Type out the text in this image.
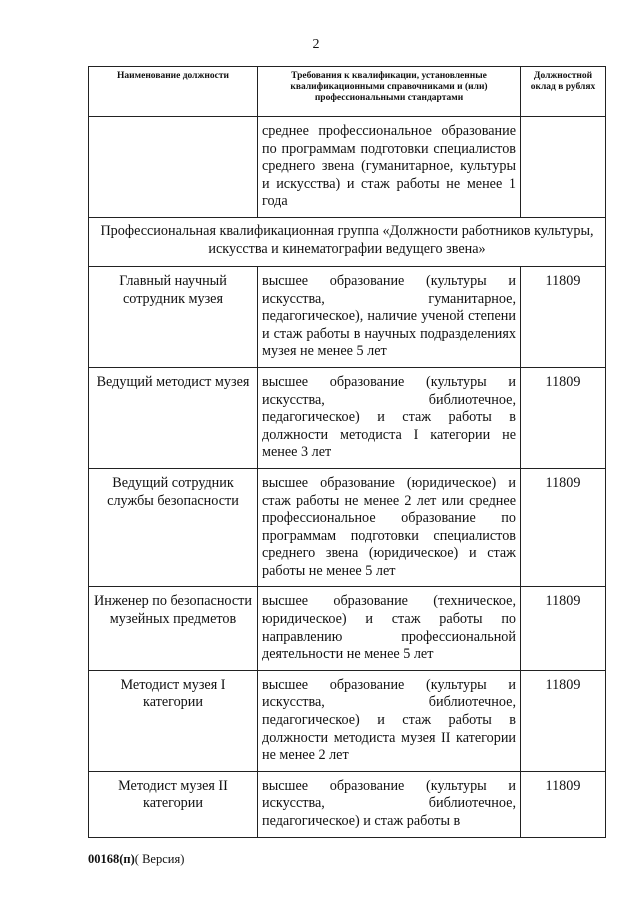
2
Наименование должности	Требования к квалификации, установленные квалификационными справочниками и (или) профессиональными стандартами	Должностной оклад в рублях
	среднее профессиональное образование по программам подготовки специалистов среднего звена (гуманитарное, культуры и искусства) и стаж работы не менее 1 года	
Профессиональная квалификационная группа «Должности работников культуры, искусства и кинематографии ведущего звена»		
Главный научный сотрудник музея	высшее образование (культуры и искусства, гуманитарное, педагогическое), наличие ученой степени и стаж работы в научных подразделениях музея не менее 5 лет	11809
Ведущий методист музея	высшее образование (культуры и искусства, библиотечное, педагогическое) и стаж работы в должности методиста I категории не менее 3 лет	11809
Ведущий сотрудник службы безопасности	высшее образование (юридическое) и стаж работы не менее 2 лет или среднее профессиональное образование по программам подготовки специалистов среднего звена (юридическое) и стаж работы не менее 5 лет	11809
Инженер по безопасности музейных предметов	высшее образование (техническое, юридическое) и стаж работы по направлению профессиональной деятельности не менее 5 лет	11809
Методист музея I категории	высшее образование (культуры и искусства, библиотечное, педагогическое) и стаж работы в должности методиста музея II категории не менее 2 лет	11809
Методист музея II категории	высшее образование (культуры и искусства, библиотечное, педагогическое) и стаж работы в	11809
00168(п)( Версия)
